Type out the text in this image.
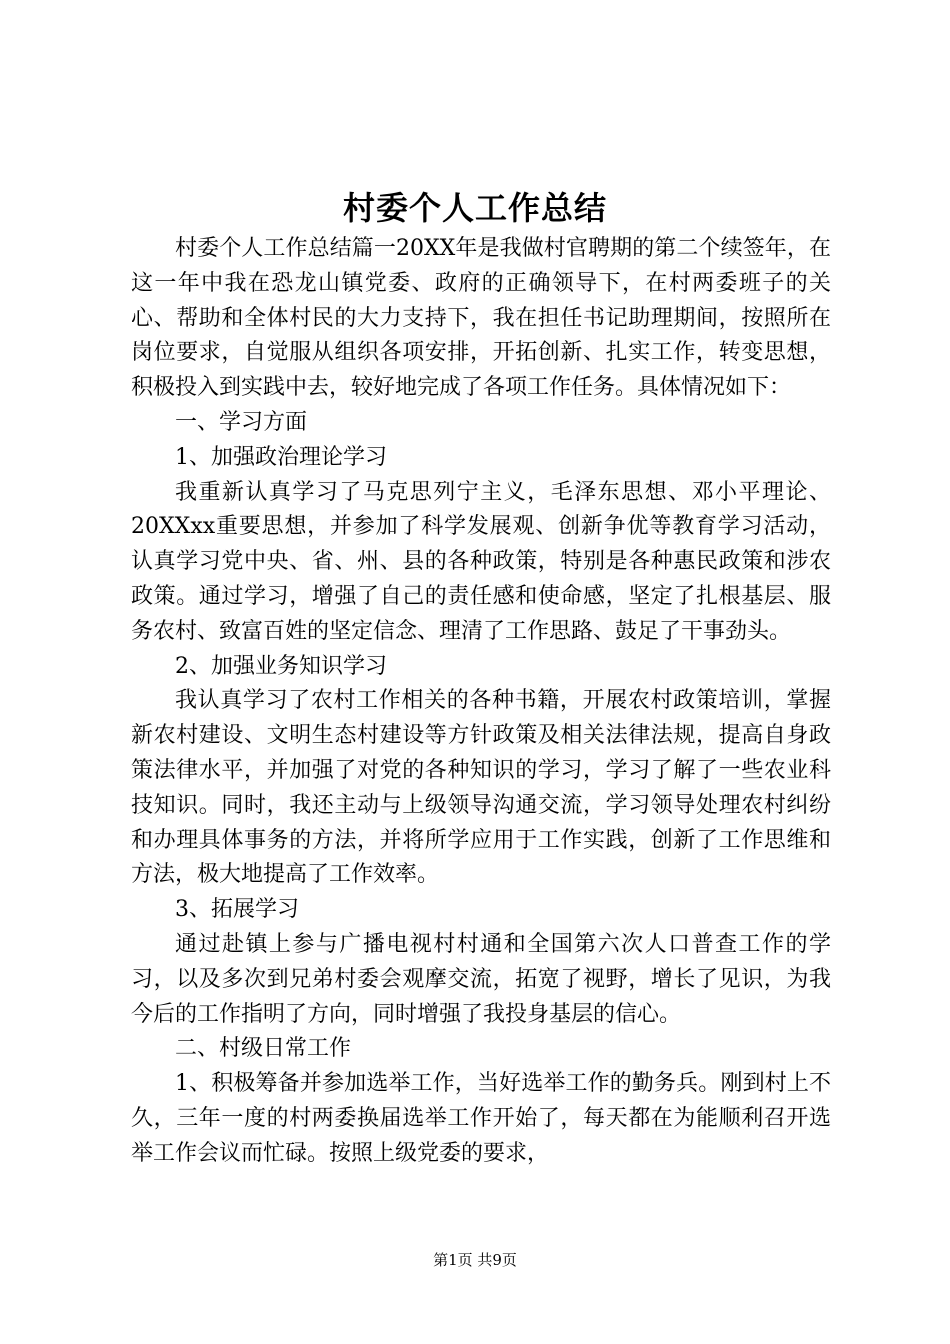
村委个人工作总结

村委个人工作总结篇一20XX年是我做村官聘期的第二个续签年，在这一年中我在恐龙山镇党委、政府的正确领导下，在村两委班子的关心、帮助和全体村民的大力支持下，我在担任书记助理期间，按照所在岗位要求，自觉服从组织各项安排，开拓创新、扎实工作，转变思想，积极投入到实践中去，较好地完成了各项工作任务。具体情况如下：

一、学习方面

1、加强政治理论学习

我重新认真学习了马克思列宁主义，毛泽东思想、邓小平理论、20XXxx重要思想，并参加了科学发展观、创新争优等教育学习活动，认真学习党中央、省、州、县的各种政策，特别是各种惠民政策和涉农政策。通过学习，增强了自己的责任感和使命感，坚定了扎根基层、服务农村、致富百姓的坚定信念、理清了工作思路、鼓足了干事劲头。

2、加强业务知识学习

我认真学习了农村工作相关的各种书籍，开展农村政策培训，掌握新农村建设、文明生态村建设等方针政策及相关法律法规，提高自身政策法律水平，并加强了对党的各种知识的学习，学习了解了一些农业科技知识。同时，我还主动与上级领导沟通交流，学习领导处理农村纠纷和办理具体事务的方法，并将所学应用于工作实践，创新了工作思维和方法，极大地提高了工作效率。

3、拓展学习

通过赴镇上参与广播电视村村通和全国第六次人口普查工作的学习，以及多次到兄弟村委会观摩交流，拓宽了视野，增长了见识，为我今后的工作指明了方向，同时增强了我投身基层的信心。

二、村级日常工作

1、积极筹备并参加选举工作，当好选举工作的勤务兵。刚到村上不久，三年一度的村两委换届选举工作开始了，每天都在为能顺利召开选举工作会议而忙碌。按照上级党委的要求，

第1页 共9页
